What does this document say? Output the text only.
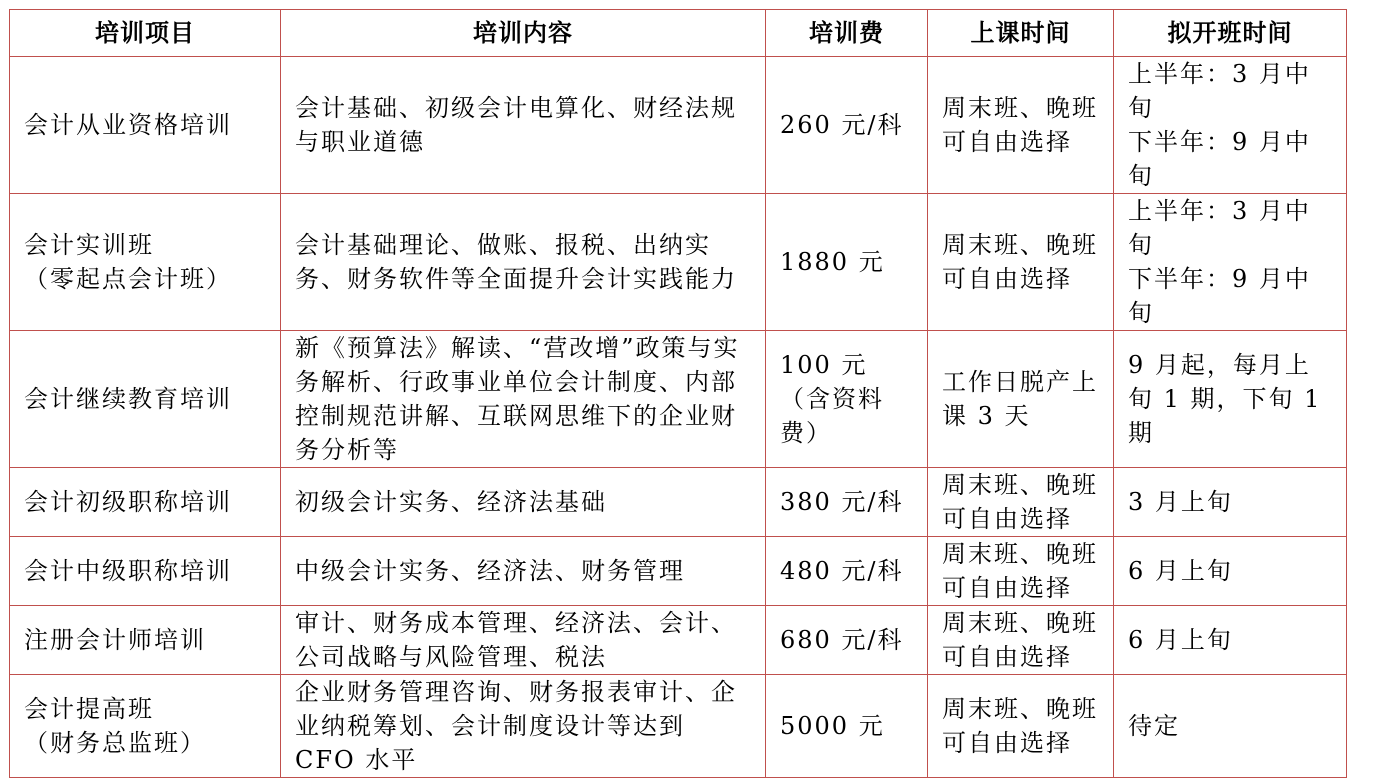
培训项目	培训内容	培训费	上课时间	拟开班时间
会计从业资格培训	会计基础、初级会计电算化、财经法规与职业道德	260 元/科	周末班、晚班可自由选择	上半年：3 月中旬
下半年：9 月中旬
会计实训班
（零起点会计班）	会计基础理论、做账、报税、出纳实务、财务软件等全面提升会计实践能力	1880 元	周末班、晚班可自由选择	上半年：3 月中旬
下半年：9 月中旬
会计继续教育培训	新《预算法》解读、“营改增”政策与实务解析、行政事业单位会计制度、内部控制规范讲解、互联网思维下的企业财务分析等	100 元（含资料费）	工作日脱产上课 3 天	9 月起，每月上旬 1 期，下旬 1 期
会计初级职称培训	初级会计实务、经济法基础	380 元/科	周末班、晚班可自由选择	3 月上旬
会计中级职称培训	中级会计实务、经济法、财务管理	480 元/科	周末班、晚班可自由选择	6 月上旬
注册会计师培训	审计、财务成本管理、经济法、会计、公司战略与风险管理、税法	680 元/科	周末班、晚班可自由选择	6 月上旬
会计提高班
（财务总监班）	企业财务管理咨询、财务报表审计、企业纳税筹划、会计制度设计等达到 CFO 水平	5000 元	周末班、晚班可自由选择	待定
